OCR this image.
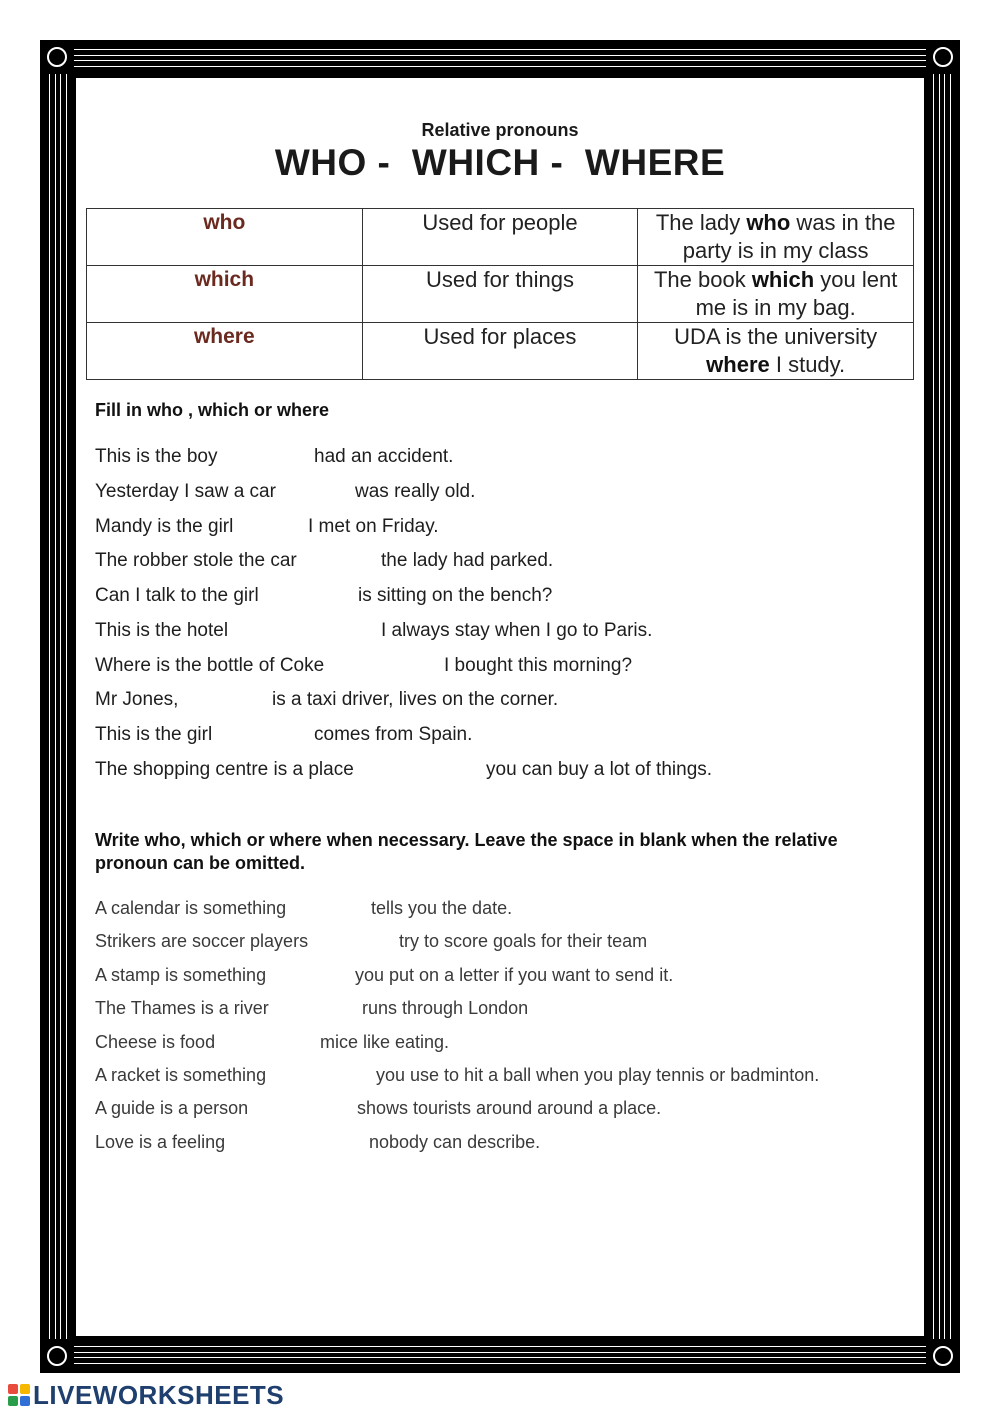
Relative pronouns
WHO -  WHICH -  WHERE
who	Used for people	The lady who was in the party is in my class
which	Used for things	The book which you lent me is in my bag.
where	Used for places	UDA is the university where I study.
Fill in who , which or where
This is the boy	had an accident.
Yesterday I saw a car	was really old.
Mandy is the girl	I met on Friday.
The robber stole the car	the lady had parked.
Can I talk to the girl	is sitting on the bench?
This is the hotel	I always stay when I go to Paris.
Where is the bottle of Coke	I bought this morning?
Mr Jones,	is a taxi driver, lives on the corner.
This is the girl	comes from Spain.
The shopping centre is a place	you can buy a lot of things.
Write who, which or where when necessary. Leave the space in blank when the relative pronoun can be omitted.
A calendar is something	tells you the date.
Strikers are soccer players	try to score goals for their team
A stamp is something	you put on a letter if you want to send it.
The Thames is a river	runs through London
Cheese is food	mice like eating.
A racket is something	you use to hit a ball when you play tennis or badminton.
A guide is a person	shows tourists around around a place.
Love is a feeling	nobody can describe.
LIVEWORKSHEETS
